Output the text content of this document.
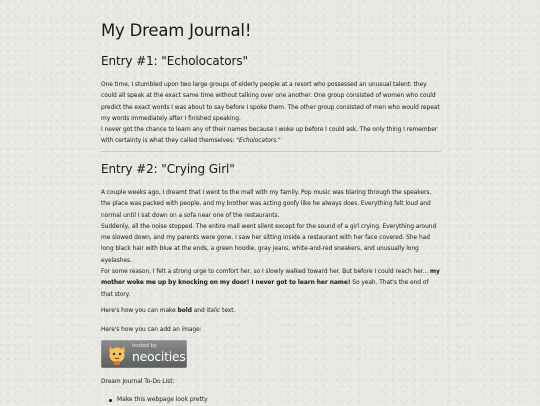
My Dream Journal!
Entry #1: "Echolocators"

One time, I stumbled upon two large groups of elderly people at a resort who possessed an unusual talent: they could all speak at the exact same time without talking over one another. One group consisted of women who could predict the exact words I was about to say before I spoke them. The other group consisted of men who would repeat my words immediately after I finished speaking.

I never got the chance to learn any of their names because I woke up before I could ask. The only thing I remember with certainty is what they called themselves: "Echolocators."

Entry #2: "Crying Girl"

A couple weeks ago, I dreamt that I went to the mall with my family. Pop music was blaring through the speakers, the place was packed with people, and my brother was acting goofy like he always does. Everything felt loud and normal until I sat down on a sofa near one of the restaurants.

Suddenly, all the noise stopped. The entire mall went silent except for the sound of a girl crying. Everything around me slowed down, and my parents were gone. I saw her sitting inside a restaurant with her face covered. She had long black hair with blue at the ends, a green hoodie, gray jeans, white-and-red sneakers, and unusually long eyelashes.

For some reason, I felt a strong urge to comfort her, so I slowly walked toward her. But before I could reach her... my mother woke me up by knocking on my door! I never got to learn her name! So yeah. That's the end of that story.

Here's how you can make bold and italic text.

Here's how you can add an image:

hosted by
neocities

Dream Journal To-Do List:

Make this webpage look pretty
